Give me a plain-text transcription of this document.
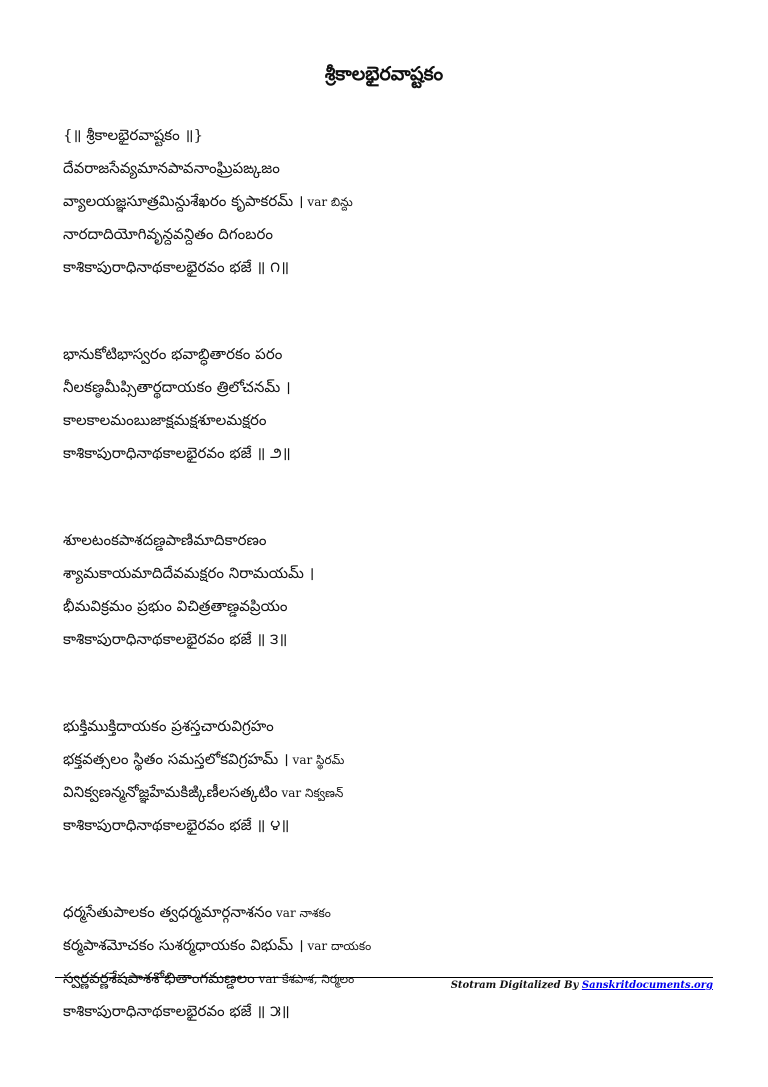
శ్రీకాలభైరవాష్టకం
{॥ శ్రీకాలభైరవాష్టకం ॥}
దేవరాజసేవ్యమానపావనాంఘ్రిపఙ్కజం
వ్యాలయజ్ఞసూత్రమిన్దుశేఖరం కృపాకరమ్ । var బిన్దు
నారదాదియోగివృన్దవన్దితం దిగంబరం
కాశికాపురాధినాథకాలభైరవం భజే ॥ ౧॥
భానుకోటిభాస్వరం భవాబ్ధితారకం పరం
నీలకణ్ఠమీప్సితార్థదాయకం త్రిలోచనమ్ ।
కాలకాలమంబుజాక్షమక్షశూలమక్షరం
కాశికాపురాధినాథకాలభైరవం భజే ॥ ౨॥
శూలటంకపాశదణ్డపాణిమాదికారణం
శ్యామకాయమాదిదేవమక్షరం నిరామయమ్ ।
భీమవిక్రమం ప్రభుం విచిత్రతాణ్డవప్రియం
కాశికాపురాధినాథకాలభైరవం భజే ॥ ౩॥
భుక్తిముక్తిదాయకం ప్రశస్తచారువిగ్రహం
భక్తవత్సలం స్థితం సమస్తలోకవిగ్రహమ్ । var స్థిరమ్
వినిక్వణన్మనోజ్ఞహేమకిఙ్కిణీలసత్కటిం var నిక్వణన్
కాశికాపురాధినాథకాలభైరవం భజే ॥ ౪॥
ధర్మసేతుపాలకం త్వధర్మమార్గనాశనం var నాశకం
కర్మపాశమోచకం సుశర్మధాయకం విభుమ్ । var దాయకం
స్వర్ణవర్ణశేషపాశశోభితాంగమణ్డలం var కేశపాశ, నిర్మలం
కాశికాపురాధినాథకాలభైరవం భజే ॥ ౫॥
Stotram Digitalized By Sanskritdocuments.org
